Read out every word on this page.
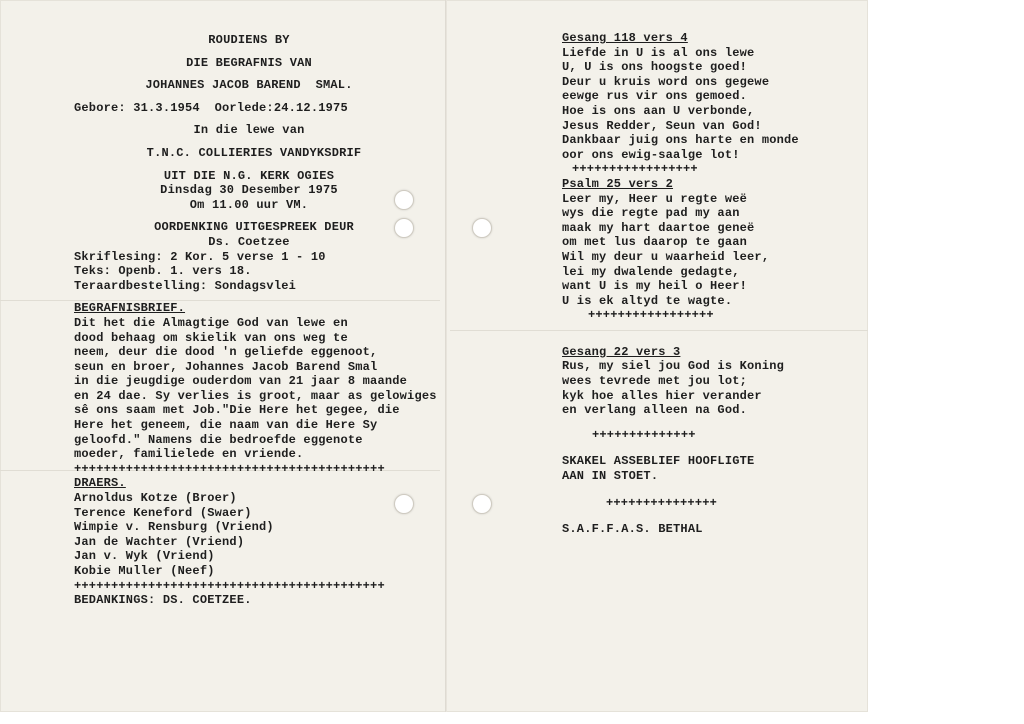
ROUDIENS BY
DIE BEGRAFNIS VAN
JOHANNES JACOB BAREND  SMAL.
Gebore: 31.3.1954  Oorlede:24.12.1975
In die lewe van
T.N.C. COLLIERIES VANDYKSDRIF
UIT DIE N.G. KERK OGIES
Dinsdag 30 Desember 1975
Om 11.00 uur VM.
OORDENKING UITGESPREEK DEUR
Ds. Coetzee
Skriflesing: 2 Kor. 5 verse 1 - 10
Teks: Openb. 1. vers 18.
Teraardbestelling: Sondagsvlei
BEGRAFNISBRIEF.
Dit het die Almagtige God van lewe en
dood behaag om skielik van ons weg te
neem, deur die dood 'n geliefde eggenoot,
seun en broer, Johannes Jacob Barend Smal
in die jeugdige ouderdom van 21 jaar 8 maande
en 24 dae. Sy verlies is groot, maar as gelowiges
sê ons saam met Job."Die Here het gegee, die
Here het geneem, die naam van die Here Sy
geloofd." Namens die bedroefde eggenote
moeder, familielede en vriende.
++++++++++++++++++++++++++++++++++++++++++
DRAERS.
Arnoldus Kotze (Broer)
Terence Keneford (Swaer)
Wimpie v. Rensburg (Vriend)
Jan de Wachter (Vriend)
Jan v. Wyk (Vriend)
Kobie Muller (Neef)
++++++++++++++++++++++++++++++++++++++++++
BEDANKINGS: DS. COETZEE.
Gesang 118 vers 4
Liefde in U is al ons lewe
U, U is ons hoogste goed!
Deur u kruis word ons gegewe
eewge rus vir ons gemoed.
Hoe is ons aan U verbonde,
Jesus Redder, Seun van God!
Dankbaar juig ons harte en monde
oor ons ewig-saalge lot!
+++++++++++++++++
Psalm 25 vers 2
Leer my, Heer u regte weë
wys die regte pad my aan
maak my hart daartoe geneë
om met lus daarop te gaan
Wil my deur u waarheid leer,
lei my dwalende gedagte,
want U is my heil o Heer!
U is ek altyd te wagte.
+++++++++++++++++
Gesang 22 vers 3
Rus, my siel jou God is Koning
wees tevrede met jou lot;
kyk hoe alles hier verander
en verlang alleen na God.
++++++++++++++
SKAKEL ASSEBLIEF HOOFLIGTE
AAN IN STOET.
+++++++++++++++
S.A.F.F.A.S. BETHAL
